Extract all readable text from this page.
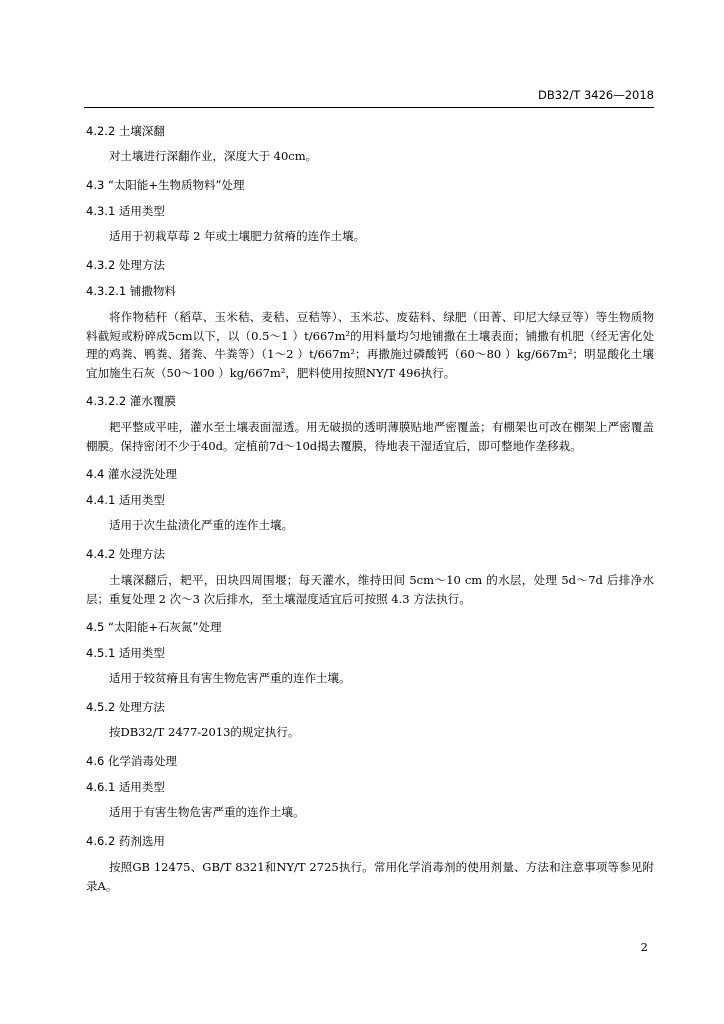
DB32/T 3426—2018
4.2.2 土壤深翻
对土壤进行深翻作业，深度大于 40cm。
4.3 “太阳能+生物质物料”处理
4.3.1 适用类型
适用于初栽草莓 2 年或土壤肥力贫瘠的连作土壤。
4.3.2 处理方法
4.3.2.1 铺撒物料
将作物秸秆（稻草、玉米秸、麦秸、豆秸等）、玉米芯、废菇料、绿肥（田菁、印尼大绿豆等）等生物质物料截短或粉碎成5cm以下，以（0.5～1 ）t/667m²的用料量均匀地铺撒在土壤表面；铺撒有机肥（经无害化处理的鸡粪、鸭粪、猪粪、牛粪等）（1～2 ）t/667m²；再撒施过磷酸钙（60～80 ）kg/667m²；明显酸化土壤宜加施生石灰（50～100 ）kg/667m²，肥料使用按照NY/T 496执行。
4.3.2.2 灌水覆膜
耙平整成平哇，灌水至土壤表面湿透。用无破损的透明薄膜贴地严密覆盖；有棚架也可改在棚架上严密覆盖棚膜。保持密闭不少于40d。定植前7d～10d揭去覆膜，待地表干湿适宜后，即可整地作垄移栽。
4.4 灌水浸洗处理
4.4.1 适用类型
适用于次生盐渍化严重的连作土壤。
4.4.2 处理方法
土壤深翻后，耙平，田块四周围堰；每天灌水，维持田间 5cm～10 cm 的水层，处理 5d～7d 后排净水层；重复处理 2 次～3 次后排水，至土壤湿度适宜后可按照 4.3 方法执行。
4.5 “太阳能+石灰氮”处理
4.5.1 适用类型
适用于较贫瘠且有害生物危害严重的连作土壤。
4.5.2 处理方法
按DB32/T 2477-2013的规定执行。
4.6 化学消毒处理
4.6.1 适用类型
适用于有害生物危害严重的连作土壤。
4.6.2 药剂选用
按照GB 12475、GB/T 8321和NY/T 2725执行。常用化学消毒剂的使用剂量、方法和注意事项等参见附录A。
2
